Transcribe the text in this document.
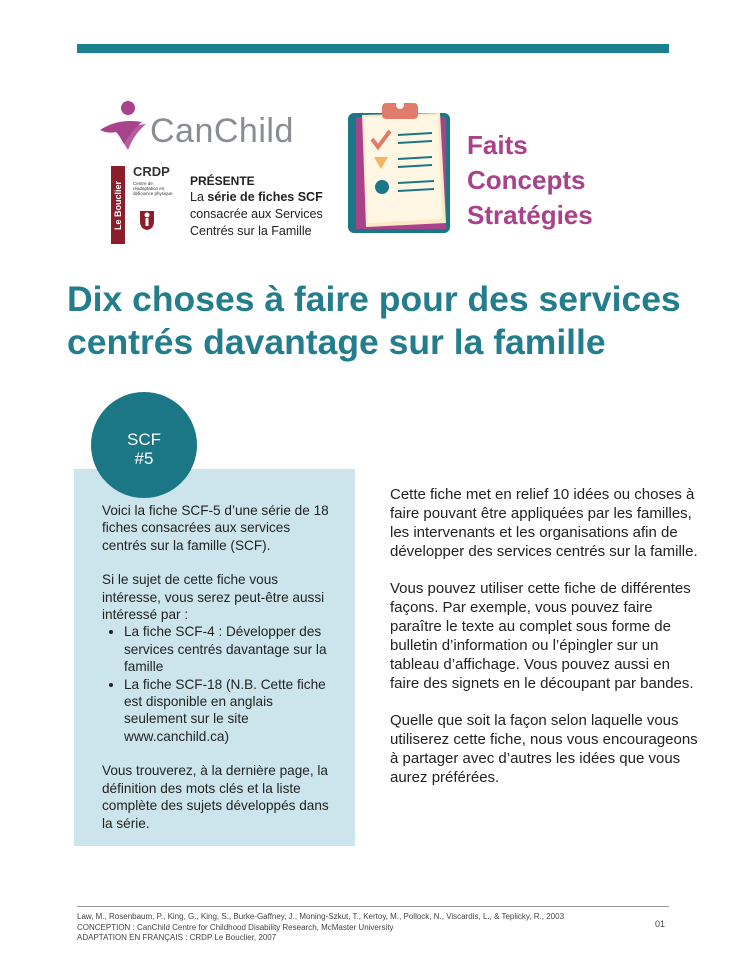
CanChild
Le Bouclier
CRDP
Centre de réadaptation en déficience physique
PRÉSENTE
La série de fiches SCF
consacrée aux Services
Centrés sur la Famille
Faits
Concepts
Stratégies
Dix choses à faire pour des services
centrés davantage sur la famille
SCF
#5

Voici la fiche SCF-5 d’une série de 18 fiches consacrées aux services centrés sur la famille (SCF).

Si le sujet de cette fiche vous intéresse, vous serez peut-être aussi intéressé par :

• La fiche SCF-4 : Développer des services centrés davantage sur la famille
• La fiche SCF-18 (N.B. Cette fiche est disponible en anglais seulement sur le site www.canchild.ca)

Vous trouverez, à la dernière page, la définition des mots clés et la liste complète des sujets développés dans la série.

Cette fiche met en relief 10 idées ou choses à faire pouvant être appliquées par les familles, les intervenants et les organisations afin de développer des services centrés sur la famille.

Vous pouvez utiliser cette fiche de différentes façons. Par exemple, vous pouvez faire paraître le texte au complet sous forme de bulletin d’information ou l’épingler sur un tableau d’affichage. Vous pouvez aussi en faire des signets en le découpant par bandes.

Quelle que soit la façon selon laquelle vous utiliserez cette fiche, nous vous encourageons à partager avec d’autres les idées que vous aurez préférées.

Law, M., Rosenbaum, P., King, G., King, S., Burke-Gaffney, J., Moning-Szkut, T., Kertoy, M., Pollock, N., Viscardis, L., & Teplicky, R., 2003
CONCEPTION : CanChild Centre for Childhood Disability Research, McMaster University
ADAPTATION EN FRANÇAIS : CRDP Le Bouclier, 2007
01
